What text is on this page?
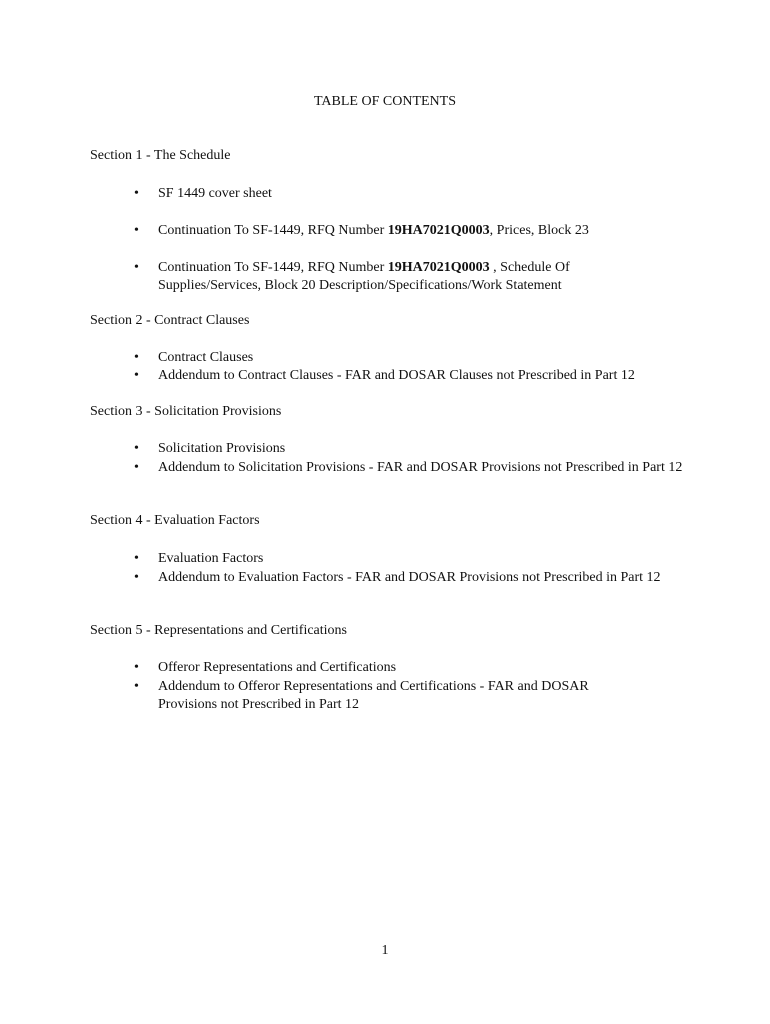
TABLE OF CONTENTS
Section 1 - The Schedule
•	SF 1449 cover sheet
•	Continuation To SF-1449, RFQ Number 19HA7021Q0003, Prices, Block 23
•	Continuation To SF-1449, RFQ Number 19HA7021Q0003 , Schedule Of Supplies/Services, Block 20 Description/Specifications/Work Statement
Section 2 - Contract Clauses
•	Contract Clauses
•	Addendum to Contract Clauses - FAR and DOSAR Clauses not Prescribed in Part 12
Section 3 - Solicitation Provisions
•	Solicitation Provisions
•	Addendum to Solicitation Provisions - FAR and DOSAR Provisions not Prescribed in Part 12
Section 4 - Evaluation Factors
•	Evaluation Factors
•	Addendum to Evaluation Factors - FAR and DOSAR Provisions not Prescribed in Part 12
Section 5 - Representations and Certifications
•	Offeror Representations and Certifications
•	Addendum to Offeror Representations and Certifications - FAR and DOSAR Provisions not Prescribed in Part 12
1
